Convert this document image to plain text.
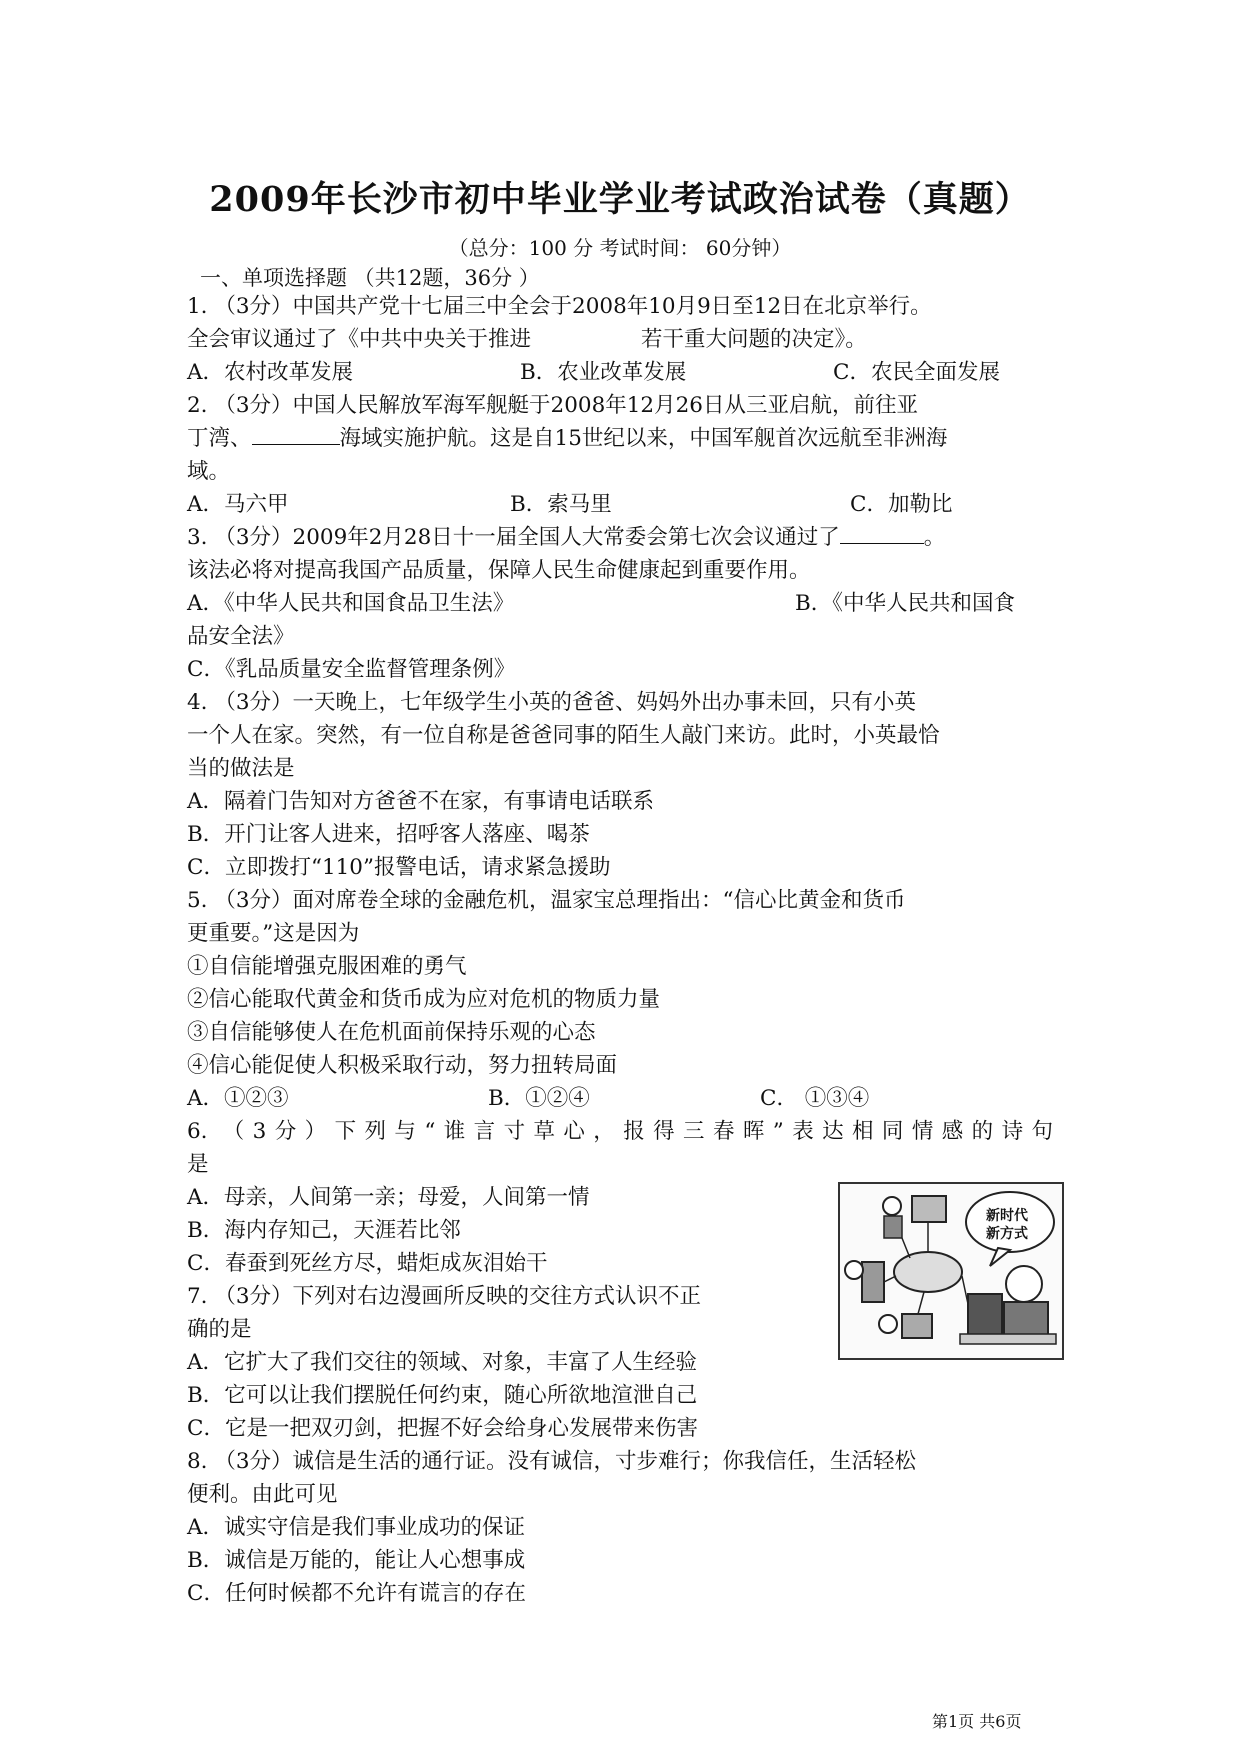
2009年长沙市初中毕业学业考试政治试卷（真题）
（总分：100 分 考试时间： 60分钟）
一、单项选择题 （共12题，36分 ）
1. （3分）中国共产党十七届三中全会于2008年10月9日至12日在北京举行。
全会审议通过了《中共中央关于推进	若干重大问题的决定》。
A．农村改革发展	B．农业改革发展	C．农民全面发展
2. （3分）中国人民解放军海军舰艇于2008年12月26日从三亚启航，前往亚
丁湾、	海域实施护航。这是自15世纪以来，中国军舰首次远航至非洲海
域。
A．马六甲	B．索马里	C．加勒比
3. （3分）2009年2月28日十一届全国人大常委会第七次会议通过了	。
该法必将对提高我国产品质量，保障人民生命健康起到重要作用。
A．《中华人民共和国食品卫生法》	B．《中华人民共和国食
品安全法》
C．《乳品质量安全监督管理条例》
4. （3分）一天晚上，七年级学生小英的爸爸、妈妈外出办事未回，只有小英
一个人在家。突然，有一位自称是爸爸同事的陌生人敲门来访。此时，小英最恰
当的做法是
A．隔着门告知对方爸爸不在家，有事请电话联系
B．开门让客人进来，招呼客人落座、喝茶
C．立即拨打“110”报警电话，请求紧急援助
5. （3分）面对席卷全球的金融危机，温家宝总理指出：“信心比黄金和货币
更重要。”这是因为
①自信能增强克服困难的勇气
②信心能取代黄金和货币成为应对危机的物质力量
③自信能够使人在危机面前保持乐观的心态
④信心能促使人积极采取行动，努力扭转局面
A．①②③	B．①②④	C． ①③④
6. （3分）下列与“谁言寸草心，报得三春晖”表达相同情感的诗句
是
A．母亲，人间第一亲；母爱，人间第一情
B．海内存知己，天涯若比邻
C．春蚕到死丝方尽，蜡炬成灰泪始干
7. （3分）下列对右边漫画所反映的交往方式认识不正
确的是
A．它扩大了我们交往的领域、对象，丰富了人生经验
B．它可以让我们摆脱任何约束，随心所欲地渲泄自己
C．它是一把双刃剑，把握不好会给身心发展带来伤害
8. （3分）诚信是生活的通行证。没有诚信，寸步难行；你我信任，生活轻松
便利。由此可见
A．诚实守信是我们事业成功的保证
B．诚信是万能的，能让人心想事成
C．任何时候都不允许有谎言的存在
新时代
新方式
第1页 共6页
